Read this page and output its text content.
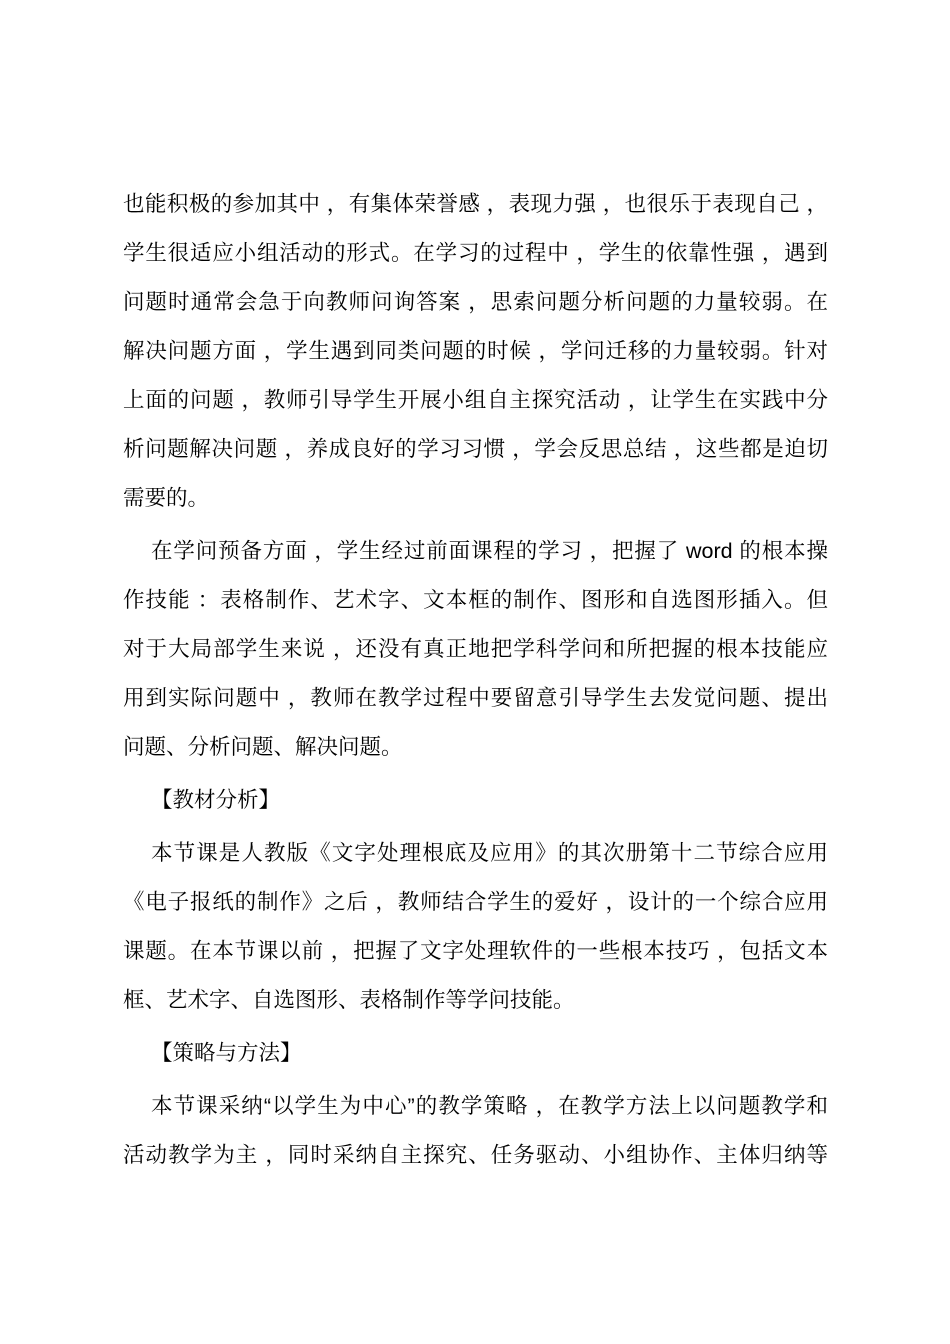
也能积极的参加其中 ，有集体荣誉感 ，表现力强 ，也很乐于表现自己 ，
学生很适应小组活动的形式。在学习的过程中 ，学生的依靠性强 ，遇到
问题时通常会急于向教师问询答案 ，思索问题分析问题的力量较弱。在
解决问题方面 ，学生遇到同类问题的时候 ，学问迁移的力量较弱。针对
上面的问题 ，教师引导学生开展小组自主探究活动 ，让学生在实践中分
析问题解决问题 ，养成良好的学习习惯 ，学会反思总结 ，这些都是迫切
需要的。
在学问预备方面 ，学生经过前面课程的学习 ，把握了 word 的根本操
作技能 ：表格制作、艺术字、文本框的制作、图形和自选图形插入。但
对于大局部学生来说 ，还没有真正地把学科学问和所把握的根本技能应
用到实际问题中 ，教师在教学过程中要留意引导学生去发觉问题、提出
问题、分析问题、解决问题。
【教材分析】
本节课是人教版《文字处理根底及应用》的其次册第十二节综合应用
《电子报纸的制作》之后 ，教师结合学生的爱好 ，设计的一个综合应用
课题。在本节课以前 ，把握了文字处理软件的一些根本技巧 ，包括文本
框、艺术字、自选图形、表格制作等学问技能。
【策略与方法】
本节课采纳“以学生为中心”的教学策略 ，在教学方法上以问题教学和
活动教学为主 ，同时采纳自主探究、任务驱动、小组协作、主体归纳等
